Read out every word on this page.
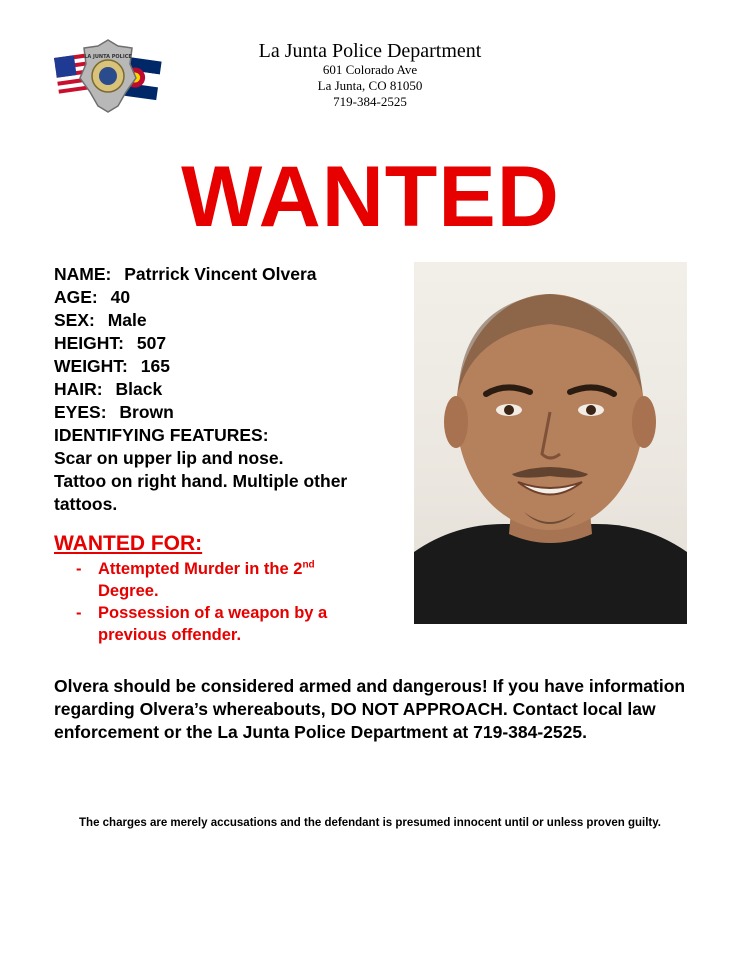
LA JUNTA POLICE	La Junta Police Department
601 Colorado Ave
La Junta, CO 81050
719-384-2525
WANTED
NAME: Patrrick Vincent Olvera
AGE: 40
SEX: Male
HEIGHT: 507
WEIGHT: 165
HAIR: Black
EYES: Brown
IDENTIFYING FEATURES:
Scar on upper lip and nose.
Tattoo on right hand. Multiple other tattoos.
WANTED FOR:
- Attempted Murder in the 2nd
Degree.
- Possession of a weapon by a previous offender.
Olvera should be considered armed and dangerous! If you have information regarding Olvera’s whereabouts, DO NOT APPROACH. Contact local law enforcement or the La Junta Police Department at 719-384-2525.
The charges are merely accusations and the defendant is presumed innocent until or unless proven guilty.
